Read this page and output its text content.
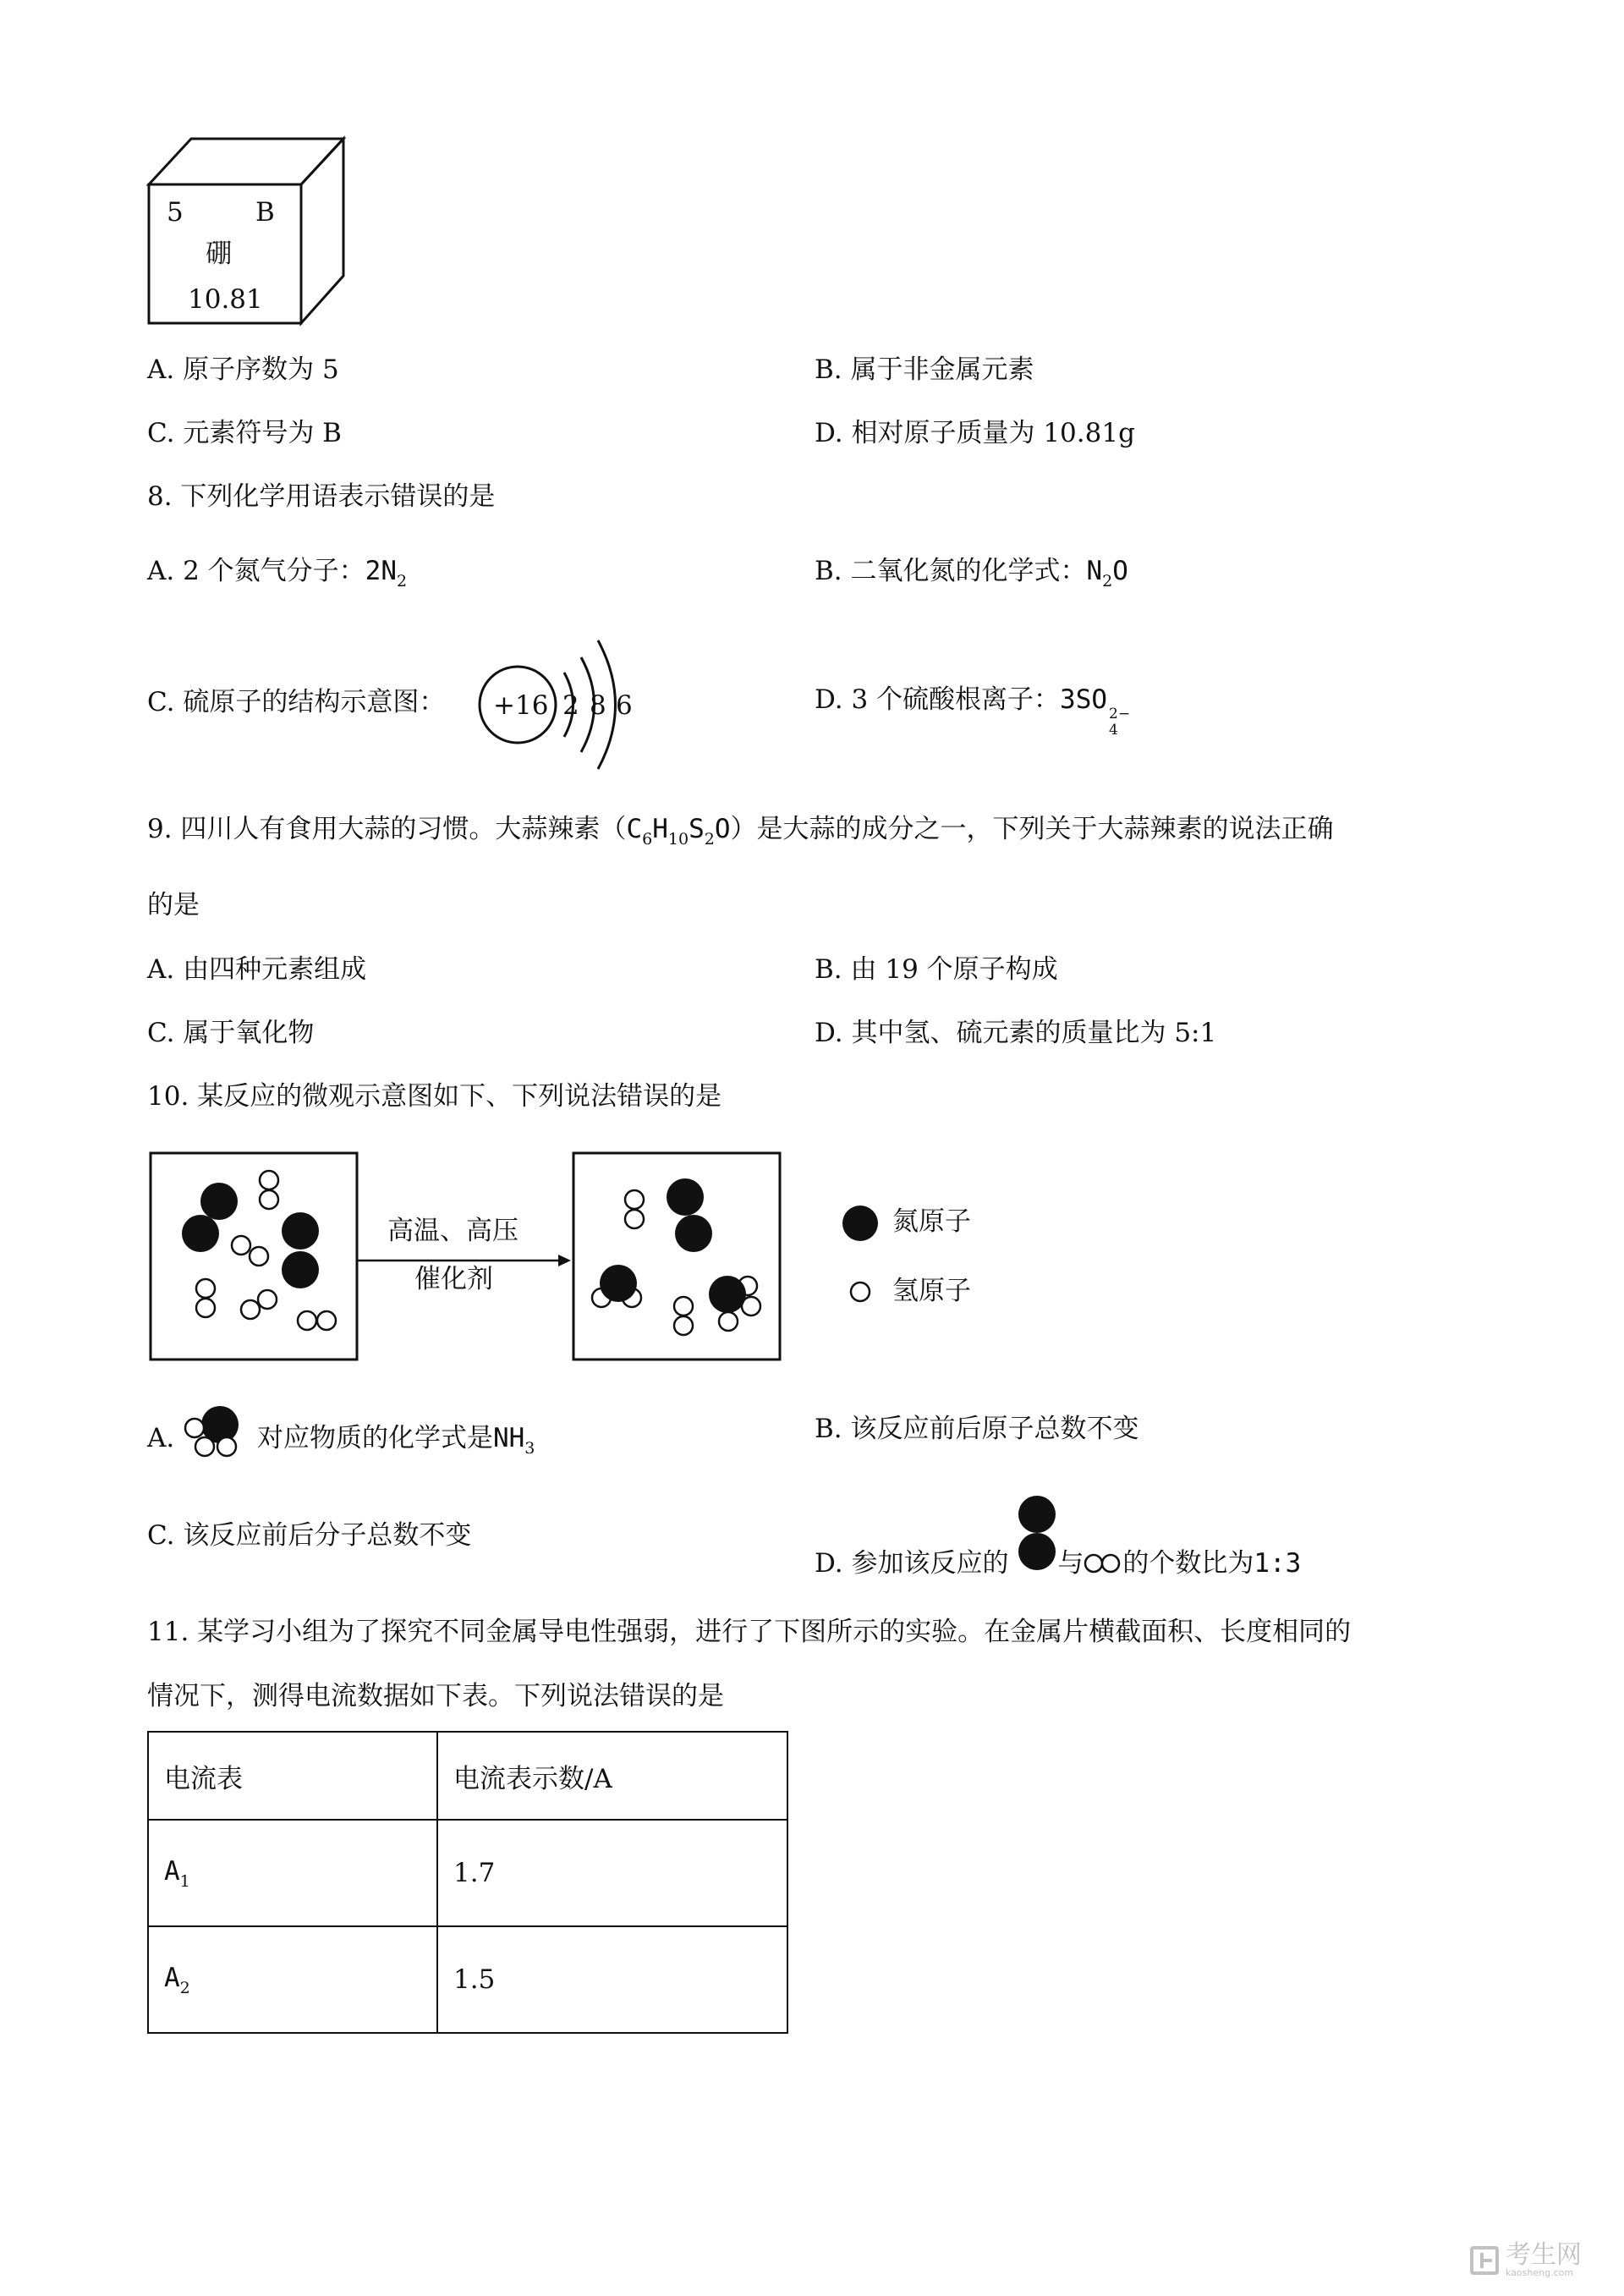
5	B
硼
10.81
A. 原子序数为 5	B. 属于非金属元素
C. 元素符号为 B	D. 相对原子质量为 10.81g
8. 下列化学用语表示错误的是
A. 2 个氮气分子：$2N_2$	B. 二氧化氮的化学式：$N_2O$
C. 硫原子的结构示意图： +16 2 8 6	D. 3 个硫酸根离子：3SO 2−
4
9. 四川人有食用大蒜的习惯。大蒜辣素$(C_6H_{10}S_2O)$是大蒜的成分之一，下列关于大蒜辣素的说法正确
的是
A. 由四种元素组成	B. 由 19 个原子构成
C. 属于氧化物	D. 其中氢、硫元素的质量比为 5:1
10. 某反应的微观示意图如下、下列说法错误的是
高温、高压
催化剂
氮原子
氢原子
A.	对应物质的化学式是$NH_3$
B. 该反应前后原子总数不变
C. 该反应前后分子总数不变
D. 参加该反应的 与 的个数比为1:3
11. 某学习小组为了探究不同金属导电性强弱，进行了下图所示的实验。在金属片横截面积、长度相同的
情况下，测得电流数据如下表。下列说法错误的是
电流表	电流表示数/A
$A_1$	1.7
$A_2$	1.5
考生网
kaosheng.com
